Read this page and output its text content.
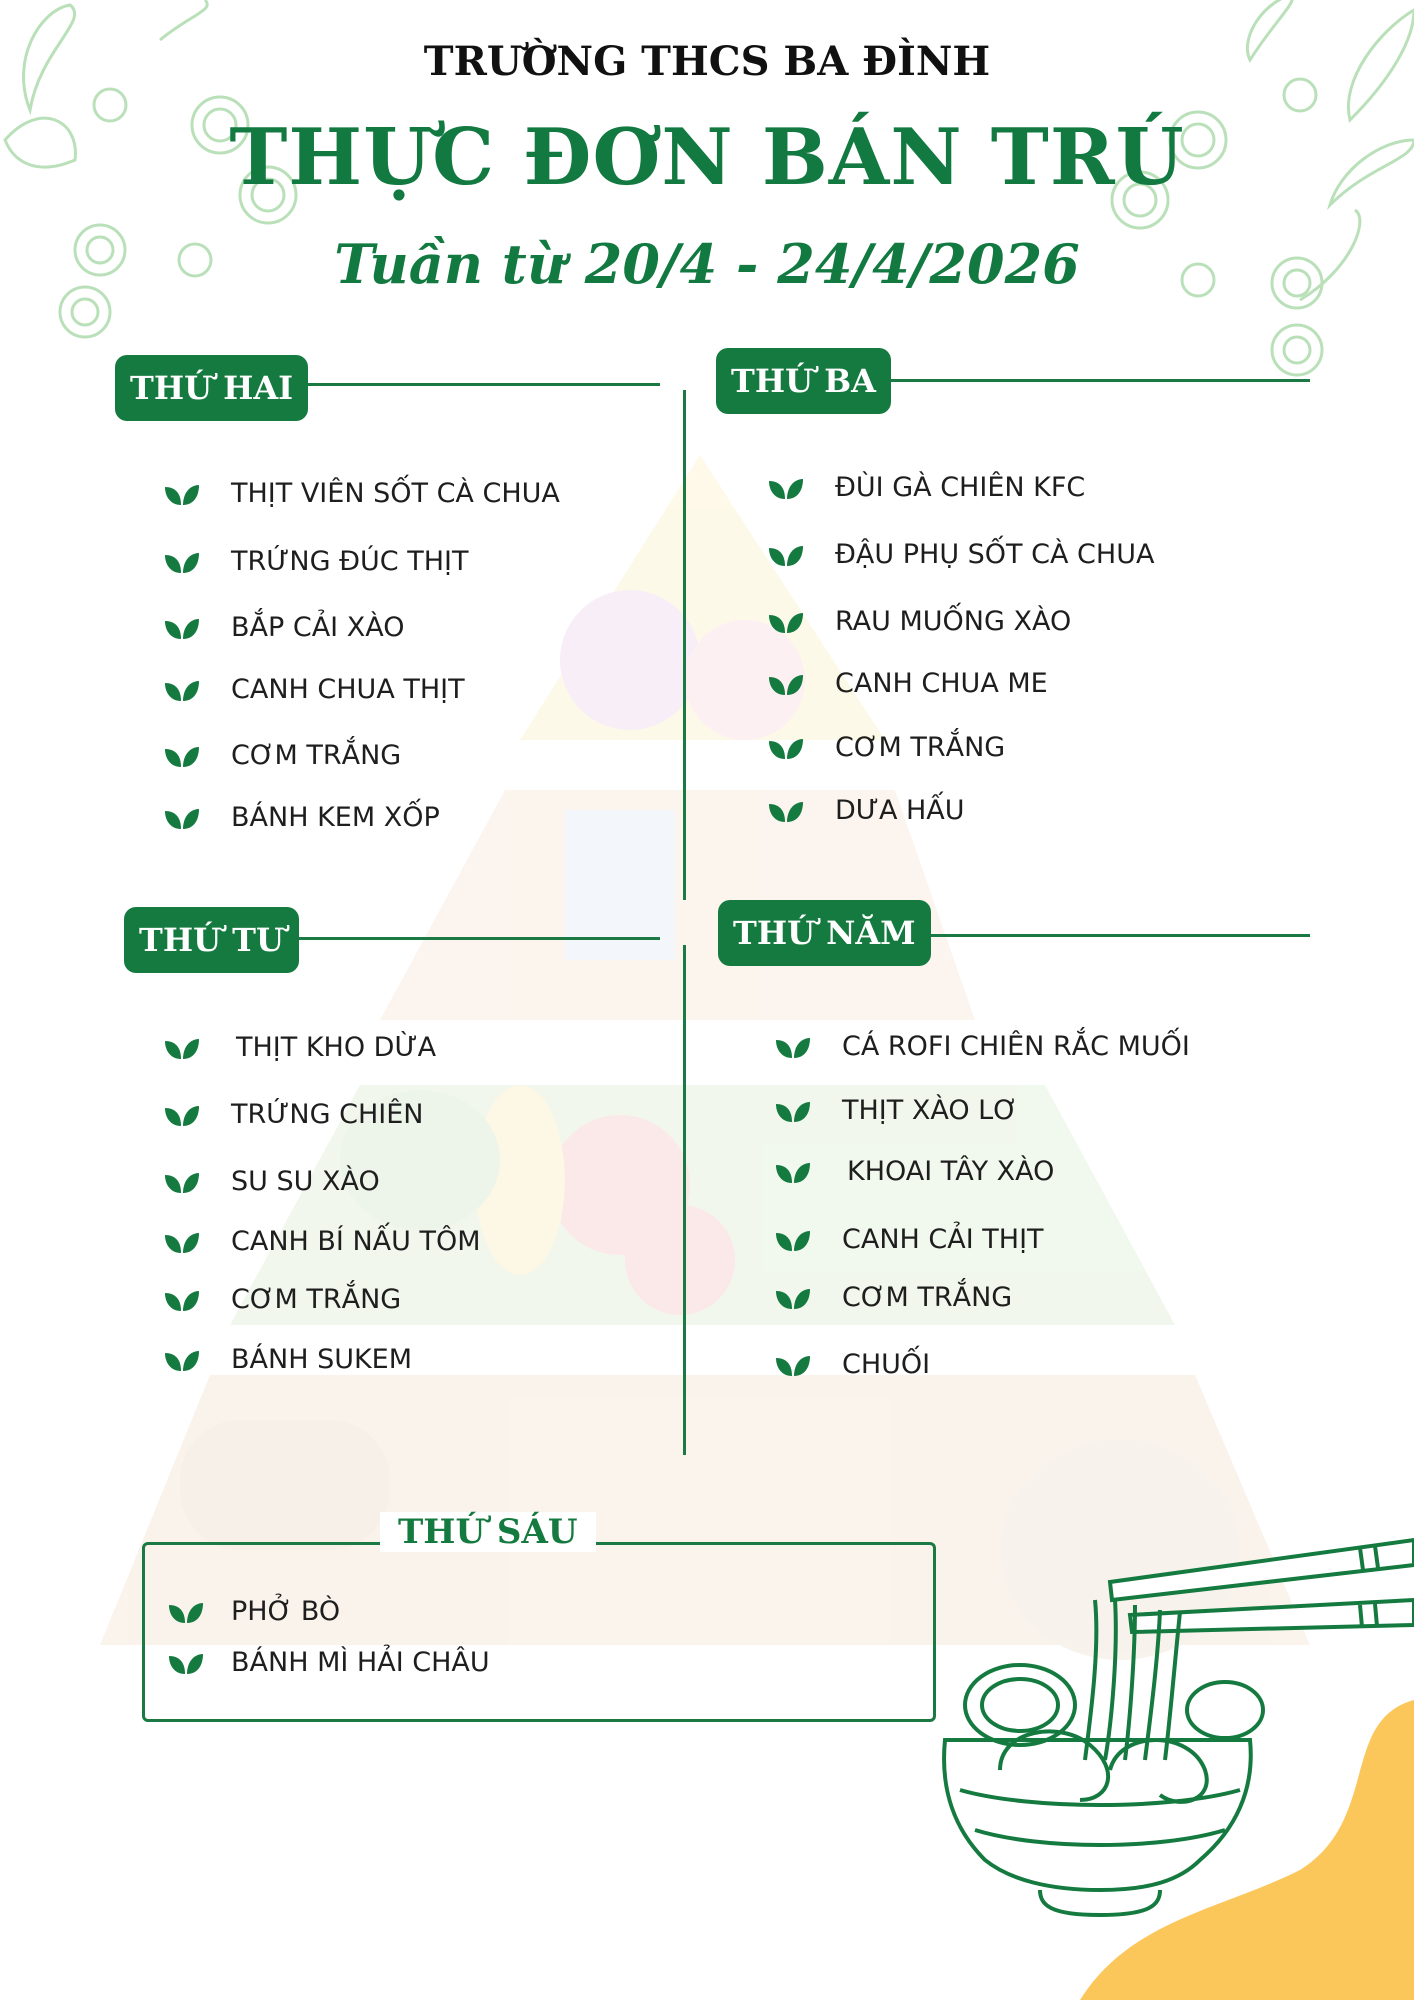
TRƯỜNG THCS BA ĐÌNH
THỰC ĐƠN BÁN TRÚ
Tuần từ 20/4 - 24/4/2026
THỨ HAI	THỨ BA
THỨ TƯ	THỨ NĂM
THỊT VIÊN SỐT CÀ CHUA
TRỨNG ĐÚC THỊT
BẮP CẢI XÀO
CANH CHUA THỊT
CƠM TRẮNG
BÁNH KEM XỐP
ĐÙI GÀ CHIÊN KFC
ĐẬU PHỤ SỐT CÀ CHUA
RAU MUỐNG XÀO
CANH CHUA ME
CƠM TRẮNG
DƯA HẤU
THỊT KHO DỪA
TRỨNG CHIÊN
SU SU XÀO
CANH BÍ NẤU TÔM
CƠM TRẮNG
BÁNH SUKEM
CÁ ROFI CHIÊN RẮC MUỐI
THỊT XÀO LƠ
KHOAI TÂY XÀO
CANH CẢI THỊT
CƠM TRẮNG
CHUỐI
THỨ SÁU
PHỞ BÒ
BÁNH MÌ HẢI CHÂU
